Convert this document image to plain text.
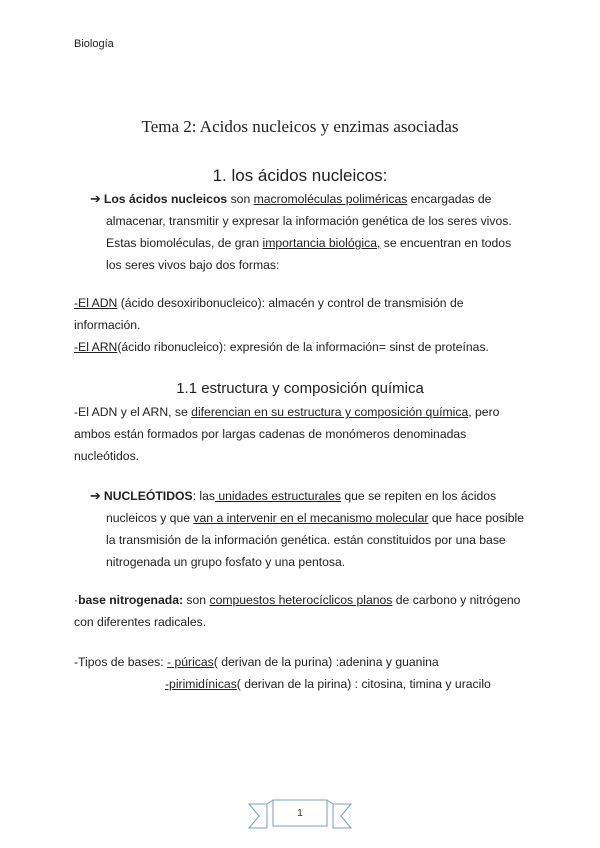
Biología
Tema 2: Acidos nucleicos y enzimas asociadas
1. los ácidos nucleicos:
➔ Los ácidos nucleicos son macromoléculas poliméricas encargadas de
almacenar, transmitir y expresar la información genética de los seres vivos.
Estas biomoléculas, de gran importancia biológica, se encuentran en todos
los seres vivos bajo dos formas:
-El ADN (ácido desoxiribonucleico): almacén y control de transmisión de
información.
-El ARN(ácido ribonucleico): expresión de la información= sinst de proteínas.
1.1 estructura y composición química
-El ADN y el ARN, se diferencian en su estructura y composición química, pero
ambos están formados por largas cadenas de monómeros denominadas
nucleótidos.
➔ NUCLEÓTIDOS: las unidades estructurales que se repiten en los ácidos
nucleicos y que van a intervenir en el mecanismo molecular que hace posible
la transmisión de la información genética. están constituidos por una base
nitrogenada un grupo fosfato y una pentosa.
·base nitrogenada: son compuestos heterocíclicos planos de carbono y nitrógeno
con diferentes radicales.
-Tipos de bases: - púricas( derivan de la purina) :adenina y guanina
-pirimidínicas( derivan de la pirina) : citosina, timina y uracilo
1
